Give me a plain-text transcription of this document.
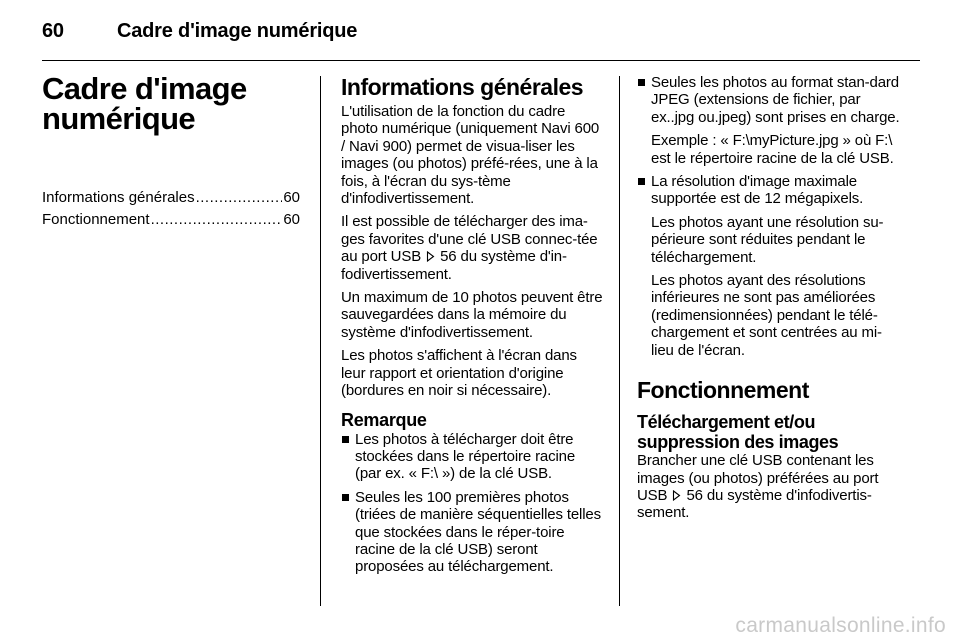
60	Cadre d'image numérique
Cadre d'image
numérique
Informations générales .....	60
Fonctionnement .....	60
Informations générales

L'utilisation de la fonction du cadre photo numérique (uniquement Navi 600 / Navi 900) permet de visua-liser les images (ou photos) préfé-rées, une à la fois, à l'écran du sys-tème d'infodivertissement.

Il est possible de télécharger des ima-ges favorites d'une clé USB connec-tée au port USB  56 du système d'in-fodivertissement.

Un maximum de 10 photos peuvent être sauvegardées dans la mémoire du système d'infodivertissement.

Les photos s'affichent à l'écran dans leur rapport et orientation d'origine (bordures en noir si nécessaire).

Remarque
Les photos à télécharger doit être stockées dans le répertoire racine (par ex. « F:\ ») de la clé USB.
Seules les 100 premières photos (triées de manière séquentielles telles que stockées dans le réper-toire racine de la clé USB) seront proposées au téléchargement.
Seules les photos au format stan-dard JPEG (extensions de fichier, par ex..jpg ou.jpeg) sont prises en charge.

Exemple : « F:\myPicture.jpg » où F:\ est le répertoire racine de la clé USB.

La résolution d'image maximale supportée est de 12 mégapixels.

Les photos ayant une résolution su-périeure sont réduites pendant le téléchargement.

Les photos ayant des résolutions inférieures ne sont pas améliorées (redimensionnées) pendant le télé-chargement et sont centrées au mi-lieu de l'écran.

Fonctionnement
Téléchargement et/ou suppression des images

Brancher une clé USB contenant les images (ou photos) préférées au port USB  56 du système d'infodivertis-sement.

carmanualsonline.info
